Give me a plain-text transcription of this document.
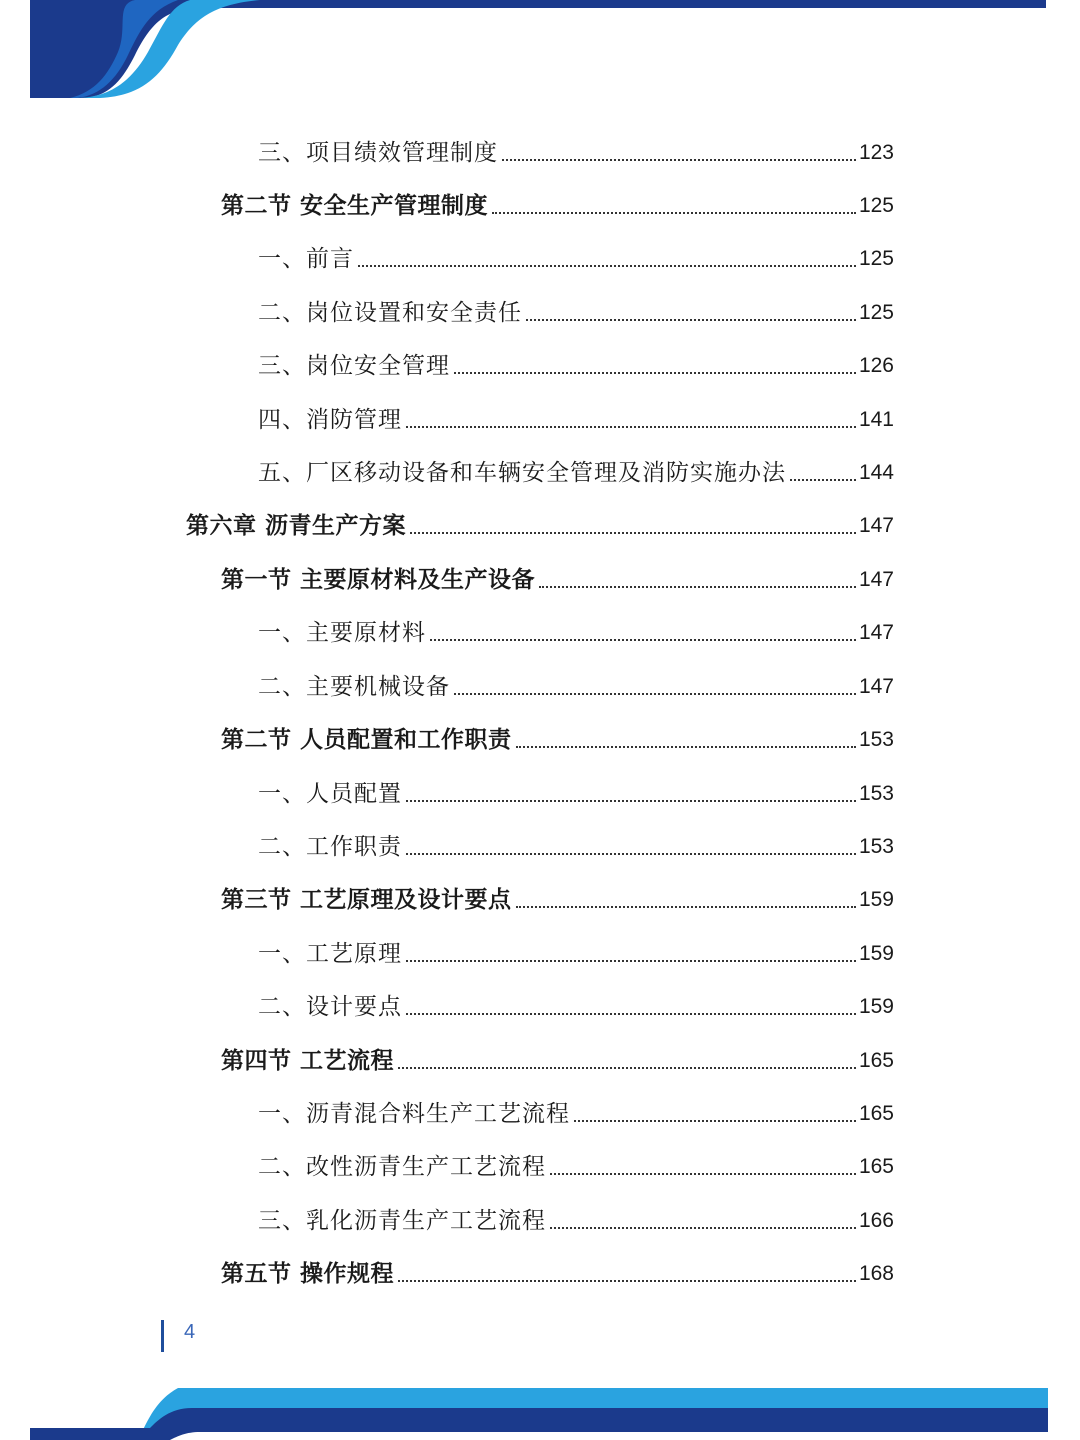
三、项目绩效管理制度	123
第二节 安全生产管理制度	125
一、前言	125
二、岗位设置和安全责任	125
三、岗位安全管理	126
四、消防管理	141
五、厂区移动设备和车辆安全管理及消防实施办法	144
第六章 沥青生产方案	147
第一节 主要原材料及生产设备	147
一、主要原材料	147
二、主要机械设备	147
第二节 人员配置和工作职责	153
一、人员配置	153
二、工作职责	153
第三节 工艺原理及设计要点	159
一、工艺原理	159
二、设计要点	159
第四节 工艺流程	165
一、沥青混合料生产工艺流程	165
二、改性沥青生产工艺流程	165
三、乳化沥青生产工艺流程	166
第五节 操作规程	168
4
